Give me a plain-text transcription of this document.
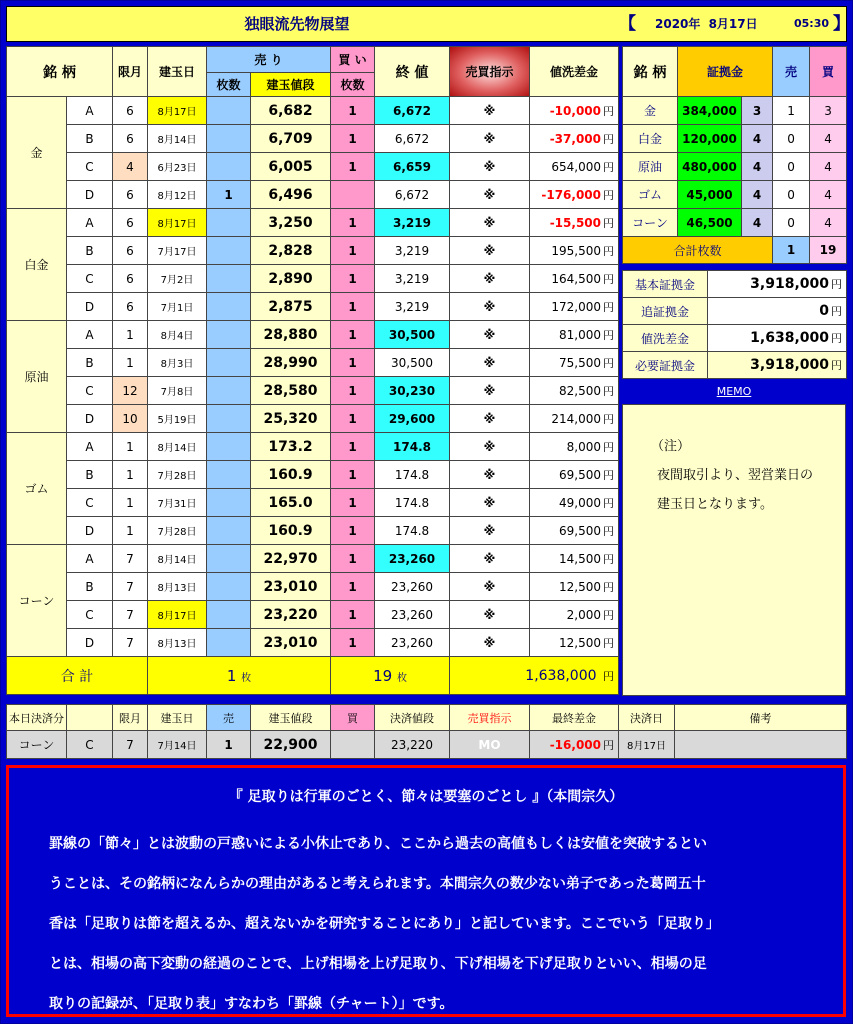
独眼流先物展望	【 2020年 8月17日	05:30 】
銘 柄		限月	建玉日	売 り		買 い	終 値	売買指示	値洗差金
				枚数	建玉値段	枚数			
金	A	6	8月17日		6,682	1	6,672	※	-10,000 円
	B	6	8月14日		6,709	1	6,672	※	-37,000 円
	C	4	6月23日		6,005	1	6,659	※	654,000 円
	D	6	8月12日	1	6,496		6,672	※	-176,000 円
白金	A	6	8月17日		3,250	1	3,219	※	-15,500 円
	B	6	7月17日		2,828	1	3,219	※	195,500 円
	C	6	7月2日		2,890	1	3,219	※	164,500 円
	D	6	7月1日		2,875	1	3,219	※	172,000 円
原油	A	1	8月4日		28,880	1	30,500	※	81,000 円
	B	1	8月3日		28,990	1	30,500	※	75,500 円
	C	12	7月8日		28,580	1	30,230	※	82,500 円
	D	10	5月19日		25,320	1	29,600	※	214,000 円
ゴム	A	1	8月14日		173.2	1	174.8	※	8,000 円
	B	1	7月28日		160.9	1	174.8	※	69,500 円
	C	1	7月31日		165.0	1	174.8	※	49,000 円
	D	1	7月28日		160.9	1	174.8	※	69,500 円
コーン	A	7	8月14日		22,970	1	23,260	※	14,500 円
	B	7	8月13日		23,010	1	23,260	※	12,500 円
	C	7	8月17日		23,220	1	23,260	※	2,000 円
	D	7	8月13日		23,010	1	23,260	※	12,500 円
合 計			1 枚			19 枚		1,638,000 円	
銘 柄	証拠金		売	買
金	384,000	3	1	3
白金	120,000	4	0	4
原油	480,000	4	0	4
ゴム	45,000	4	0	4
コーン	46,500	4	0	4
合計枚数			1	19
基本証拠金	3,918,000 円
追証拠金	0 円
値洗差金	1,638,000 円
必要証拠金	3,918,000 円
MEMO
（注）
夜間取引より、翌営業日の
建玉日となります。
本日決済分		限月	建玉日	売	建玉値段	買	決済値段	売買指示	最終差金	決済日	備考
コーン	C	7	7月14日	1	22,900		23,220	MO	-16,000 円	8月17日	
『 足取りは行軍のごとく、節々は要塞のごとし 』（本間宗久）
罫線の「節々」とは波動の戸惑いによる小休止であり、ここから過去の高値もしくは安値を突破するとい
うことは、その銘柄になんらかの理由があると考えられます。本間宗久の数少ない弟子であった葛岡五十
香は「足取りは節を超えるか、超えないかを研究することにあり」と記しています。ここでいう「足取り」
とは、相場の高下変動の経過のことで、上げ相場を上げ足取り、下げ相場を下げ足取りといい、相場の足
取りの記録が、「足取り表」すなわち「罫線（チャート）」です。
